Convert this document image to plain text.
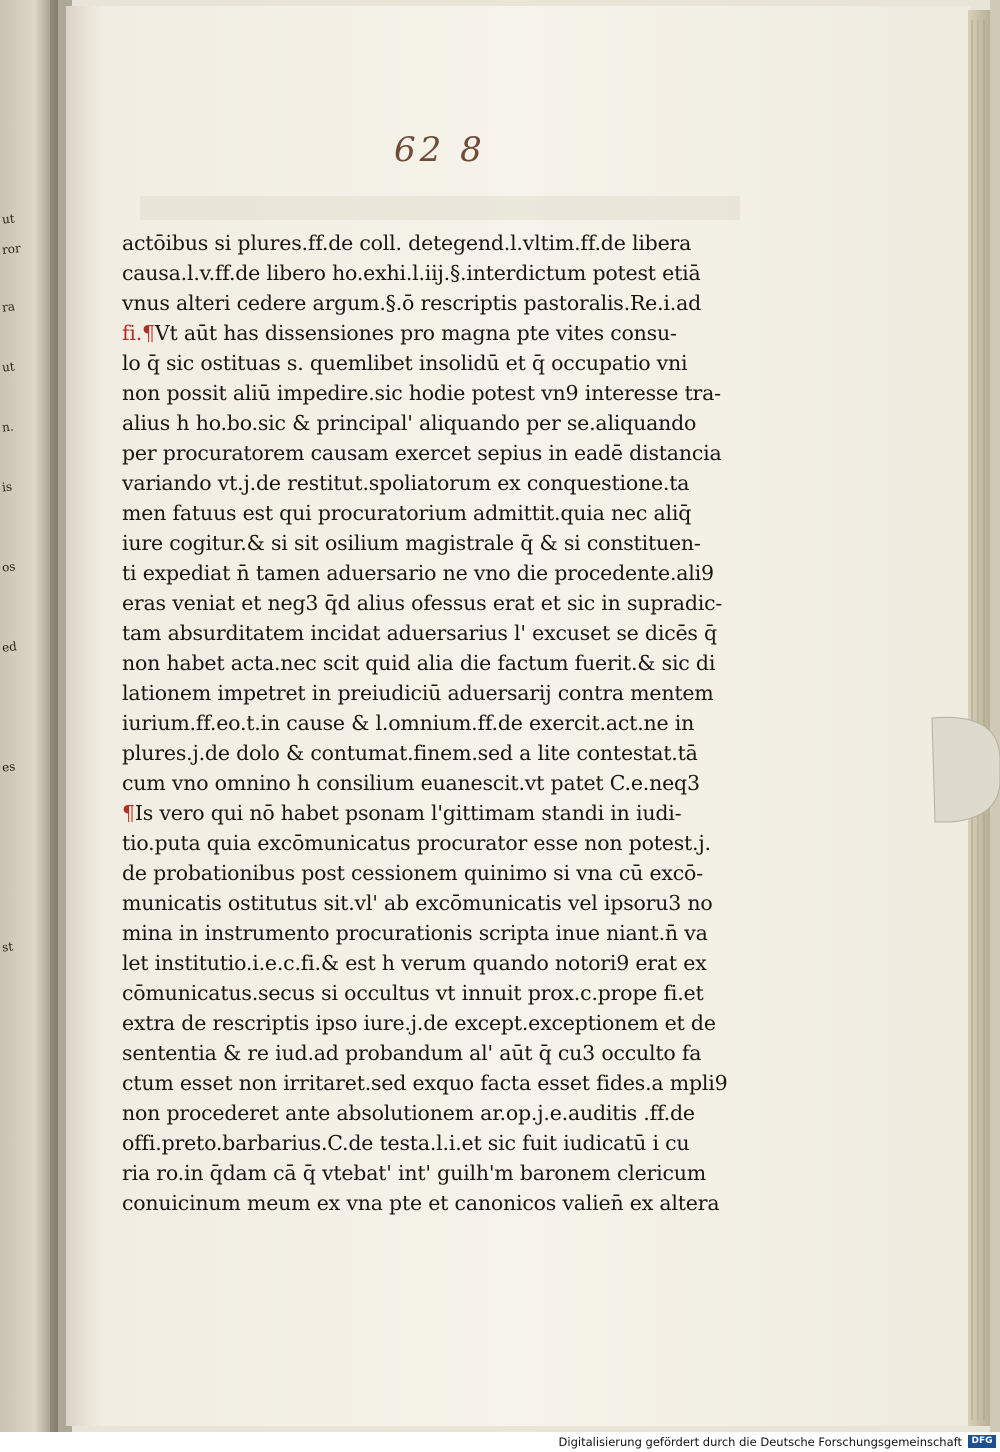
ut
ror
ra
ut
n.
is
os
ed
es
st
62 8
actōibus si plures.ff.de coll. detegend.l.vltim.ff.de libera
causa.l.v.ff.de libero ho.exhi.l.iij.§.interdictum potest etiā
vnus alteri cedere argum.§.ō rescriptis pastoralis.Re.i.ad
fi.¶Vt aūt has dissensiones pro magna pte vites consu-
lo q̄ sic ostituas s. quemlibet insolidū et q̄ occupatio vni
non possit aliū impedire.sic hodie potest vn9 interesse tra-
alius h ho.bo.sic & principal' aliquando per se.aliquando
per procuratorem causam exercet sepius in eadē distancia
variando vt.j.de restitut.spoliatorum ex conquestione.ta
men fatuus est qui procuratorium admittit.quia nec aliq̄
iure cogitur.& si sit osilium magistrale q̄ & si constituen-
ti expediat n̄ tamen aduersario ne vno die procedente.ali9
eras veniat et neg3 q̄d alius ofessus erat et sic in supradic-
tam absurditatem incidat aduersarius l' excuset se dicēs q̄
non habet acta.nec scit quid alia die factum fuerit.& sic di
lationem impetret in preiudiciū aduersarij contra mentem
iurium.ff.eo.t.in cause & l.omnium.ff.de exercit.act.ne in
plures.j.de dolo & contumat.finem.sed a lite contestat.tā
cum vno omnino h consilium euanescit.vt patet C.e.neq3
¶Is vero qui nō habet psonam l'gittimam standi in iudi-
tio.puta quia excōmunicatus procurator esse non potest.j.
de probationibus post cessionem quinimo si vna cū excō-
municatis ostitutus sit.vl' ab excōmunicatis vel ipsoru3 no
mina in instrumento procurationis scripta inue niant.n̄ va
let institutio.i.e.c.fi.& est h verum quando notori9 erat ex
cōmunicatus.secus si occultus vt innuit prox.c.prope fi.et
extra de rescriptis ipso iure.j.de except.exceptionem et de
sententia & re iud.ad probandum al' aūt q̄ cu3 occulto fa
ctum esset non irritaret.sed exquo facta esset fides.a mpli9
non procederet ante absolutionem ar.op.j.e.auditis .ff.de
offi.preto.barbarius.C.de testa.l.i.et sic fuit iudicatū i cu
ria ro.in q̄dam cā q̄ vtebat' int' guilh'm baronem clericum
conuicinum meum ex vna pte et canonicos valien̄ ex altera
Digitalisierung gefördert durch die Deutsche Forschungsgemeinschaft	DFG
